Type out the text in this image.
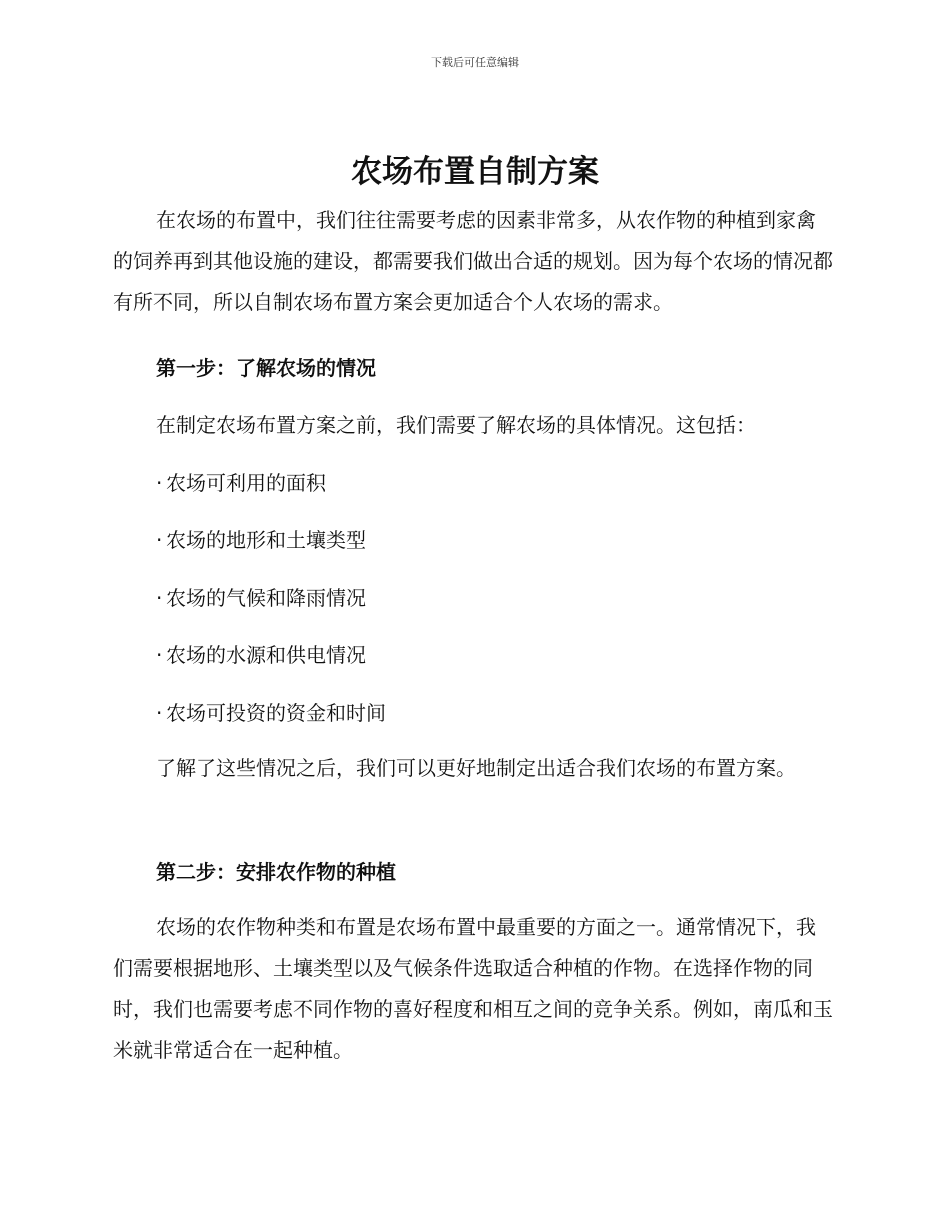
下载后可任意编辑
农场布置自制方案

在农场的布置中，我们往往需要考虑的因素非常多，从农作物的种植到家禽的饲养再到其他设施的建设，都需要我们做出合适的规划。因为每个农场的情况都有所不同，所以自制农场布置方案会更加适合个人农场的需求。

第一步：了解农场的情况

在制定农场布置方案之前，我们需要了解农场的具体情况。这包括：

· 农场可利用的面积

· 农场的地形和土壤类型

· 农场的气候和降雨情况

· 农场的水源和供电情况

· 农场可投资的资金和时间

了解了这些情况之后，我们可以更好地制定出适合我们农场的布置方案。

第二步：安排农作物的种植

农场的农作物种类和布置是农场布置中最重要的方面之一。通常情况下，我们需要根据地形、土壤类型以及气候条件选取适合种植的作物。在选择作物的同时，我们也需要考虑不同作物的喜好程度和相互之间的竞争关系。例如，南瓜和玉米就非常适合在一起种植。
